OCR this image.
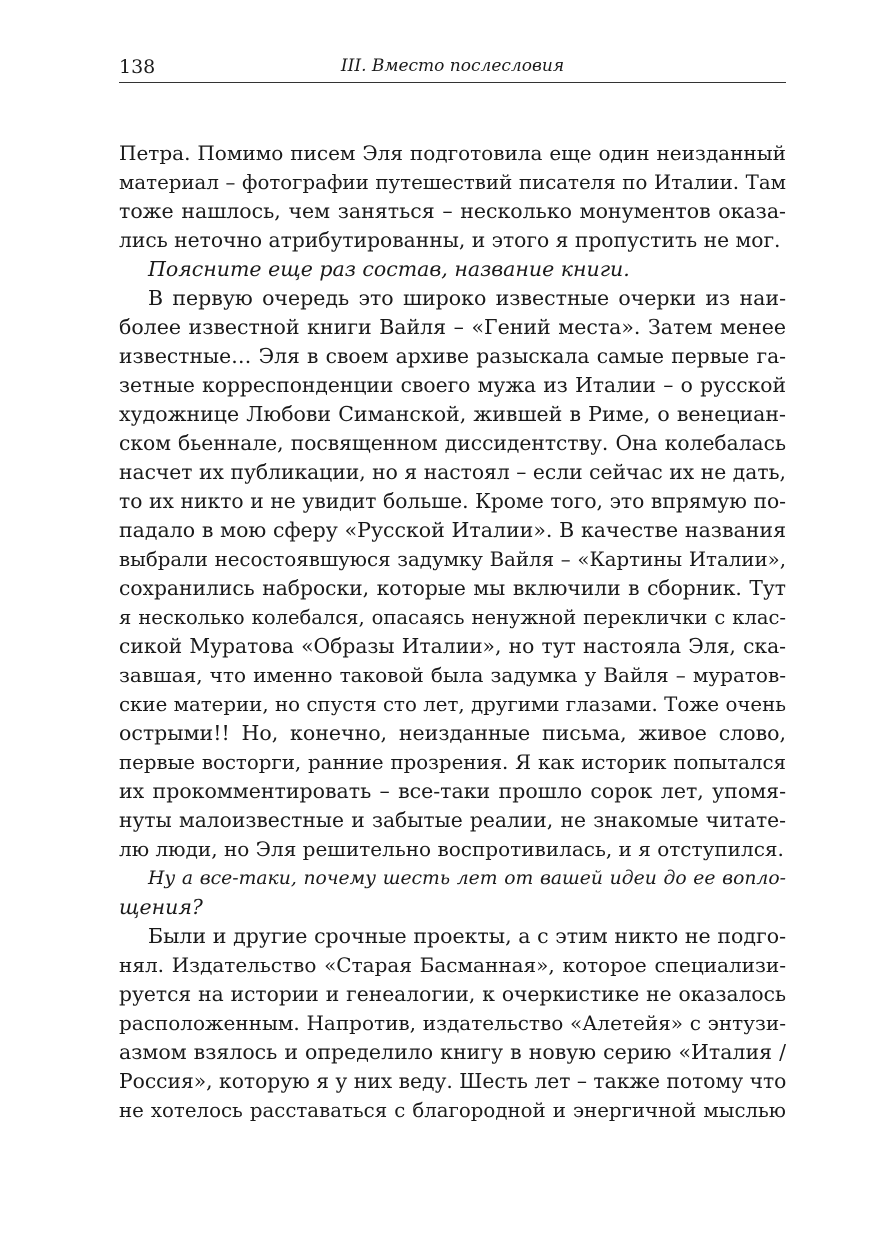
138	III. Вместо послесловия
Петра. Помимо писем Эля подготовила еще один неизданный
материал – фотографии путешествий писателя по Италии. Там
тоже нашлось, чем заняться – несколько монументов оказа-
лись неточно атрибутированны, и этого я пропустить не мог.
Поясните еще раз состав, название книги.
В первую очередь это широко известные очерки из наи-
более известной книги Вайля – «Гений места». Затем менее
известные… Эля в своем архиве разыскала самые первые га-
зетные корреспонденции своего мужа из Италии – о русской
художнице Любови Симанской, жившей в Риме, о венециан-
ском бьеннале, посвященном диссидентству. Она колебалась
насчет их публикации, но я настоял – если сейчас их не дать,
то их никто и не увидит больше. Кроме того, это впрямую по-
падало в мою сферу «Русской Италии». В качестве названия
выбрали несостоявшуюся задумку Вайля – «Картины Италии»,
сохранились наброски, которые мы включили в сборник. Тут
я несколько колебался, опасаясь ненужной переклички с клас-
сикой Муратова «Образы Италии», но тут настояла Эля, ска-
завшая, что именно таковой была задумка у Вайля – муратов-
ские материи, но спустя сто лет, другими глазами. Тоже очень
острыми!! Но, конечно, неизданные письма, живое слово,
первые восторги, ранние прозрения. Я как историк попытался
их прокомментировать – все-таки прошло сорок лет, упомя-
нуты малоизвестные и забытые реалии, не знакомые читате-
лю люди, но Эля решительно воспротивилась, и я отступился.
Ну а все-таки, почему шесть лет от вашей идеи до ее вопло-
щения?
Были и другие срочные проекты, а с этим никто не подго-
нял. Издательство «Старая Басманная», которое специализи-
руется на истории и генеалогии, к очеркистике не оказалось
расположенным. Напротив, издательство «Алетейя» с энтузи-
азмом взялось и определило книгу в новую серию «Италия /
Россия», которую я у них веду. Шесть лет – также потому что
не хотелось расставаться с благородной и энергичной мыслью
